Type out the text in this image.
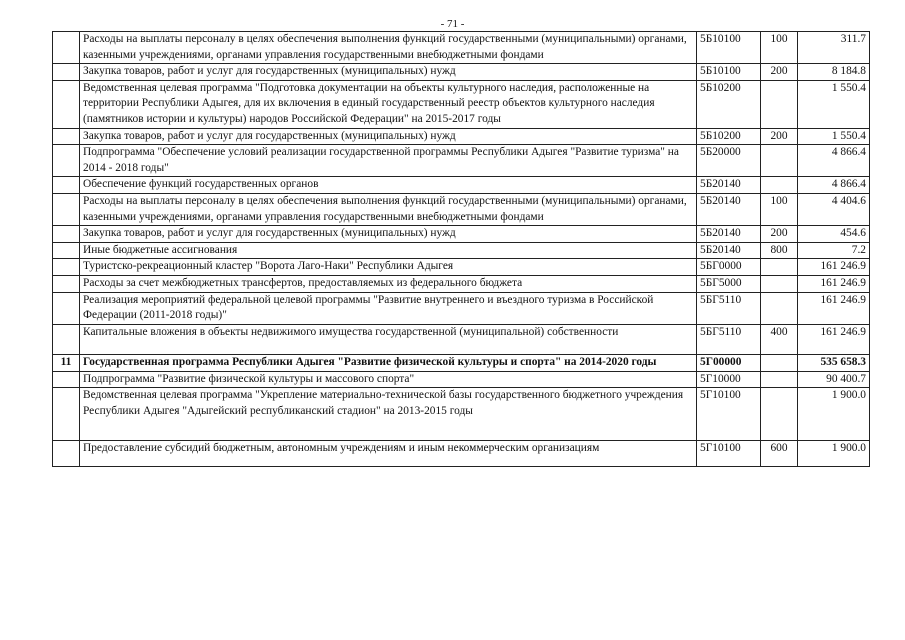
- 71 -
	Расходы на выплаты персоналу в целях обеспечения выполнения функций государственными (муниципальными) органами, казенными учреждениями, органами управления государственными внебюджетными фондами	5Б10100	100	311.7
	Закупка товаров, работ и услуг для государственных (муниципальных) нужд	5Б10100	200	8 184.8
	Ведомственная целевая программа "Подготовка документации на объекты культурного наследия, расположенные на территории Республики Адыгея, для их включения в единый государственный реестр объектов культурного наследия (памятников истории и культуры) народов Российской Федерации" на 2015-2017 годы	5Б10200		1 550.4
	Закупка товаров, работ и услуг для государственных (муниципальных) нужд	5Б10200	200	1 550.4
	Подпрограмма "Обеспечение условий реализации государственной программы Республики Адыгея "Развитие туризма" на 2014 - 2018 годы"	5Б20000		4 866.4
	Обеспечение функций государственных органов	5Б20140		4 866.4
	Расходы на выплаты персоналу в целях обеспечения выполнения функций государственными (муниципальными) органами, казенными учреждениями, органами управления государственными внебюджетными фондами	5Б20140	100	4 404.6
	Закупка товаров, работ и услуг для государственных (муниципальных) нужд	5Б20140	200	454.6
	Иные бюджетные ассигнования	5Б20140	800	7.2
	Туристско-рекреационный кластер "Ворота Лаго-Наки" Республики Адыгея	5БГ0000		161 246.9
	Расходы за счет межбюджетных трансфертов, предоставляемых из федерального бюджета	5БГ5000		161 246.9
	Реализация мероприятий федеральной целевой программы "Развитие внутреннего и въездного туризма в Российской Федерации (2011-2018 годы)"	5БГ5110		161 246.9
	Капитальные вложения в объекты недвижимого имущества государственной (муниципальной) собственности	5БГ5110	400	161 246.9
11	Государственная программа Республики Адыгея "Развитие физической культуры и спорта" на 2014-2020 годы	5Г00000		535 658.3
	Подпрограмма "Развитие физической культуры и массового спорта"	5Г10000		90 400.7
	Ведомственная целевая программа "Укрепление материально-технической базы государственного бюджетного учреждения Республики Адыгея "Адыгейский республиканский стадион" на 2013-2015 годы	5Г10100		1 900.0
	Предоставление субсидий бюджетным, автономным учреждениям и иным некоммерческим организациям	5Г10100	600	1 900.0
